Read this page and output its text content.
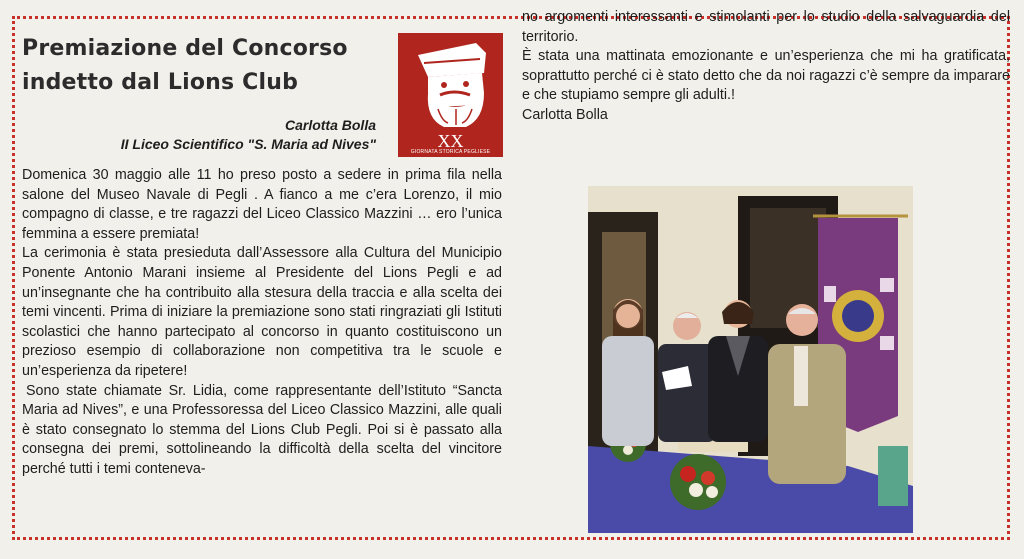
Premiazione del Concorso
indetto dal Lions Club
Carlotta Bolla
II Liceo Scientifico "S. Maria ad Nives"	XX
GIORNATA STORICA PEGLIESE

Domenica 30 maggio alle 11 ho preso posto a sedere in prima fila nella salone del Museo Navale di Pegli . A fianco a me c’era Lorenzo, il mio compagno di classe, e tre ragazzi del Liceo Classico Mazzini … ero l’unica femmina a essere premiata!

La cerimonia è stata presieduta dall’Assessore alla Cultura del Municipio Ponente Antonio Marani insieme al Presidente del Lions Pegli e ad un’insegnante che ha contribuito alla stesura della traccia e alla scelta dei temi vincenti. Prima di iniziare la premiazione sono stati ringraziati gli Istituti scolastici che hanno partecipato al concorso in quanto costituiscono un prezioso esempio di collaborazione non competitiva tra le scuole e un’esperienza da ripetere!

Sono state chiamate Sr. Lidia, come rappresentante dell’Istituto “Sancta Maria ad Nives”, e una Professoressa del Liceo Classico Mazzini, alle quali è stato consegnato lo stemma del Lions Club Pegli. Poi si è passato alla consegna dei premi, sottolineando la difficoltà della scelta del vincitore perché tutti i temi conteneva-

no argomenti interessanti e stimolanti per lo studio della salvaguardia del territorio.

È stata una mattinata emozionante e un’esperienza che mi ha gratificata, soprattutto perché ci è stato detto che da noi ragazzi c’è sempre da imparare e che stupiamo sempre gli adulti.!

Carlotta Bolla
